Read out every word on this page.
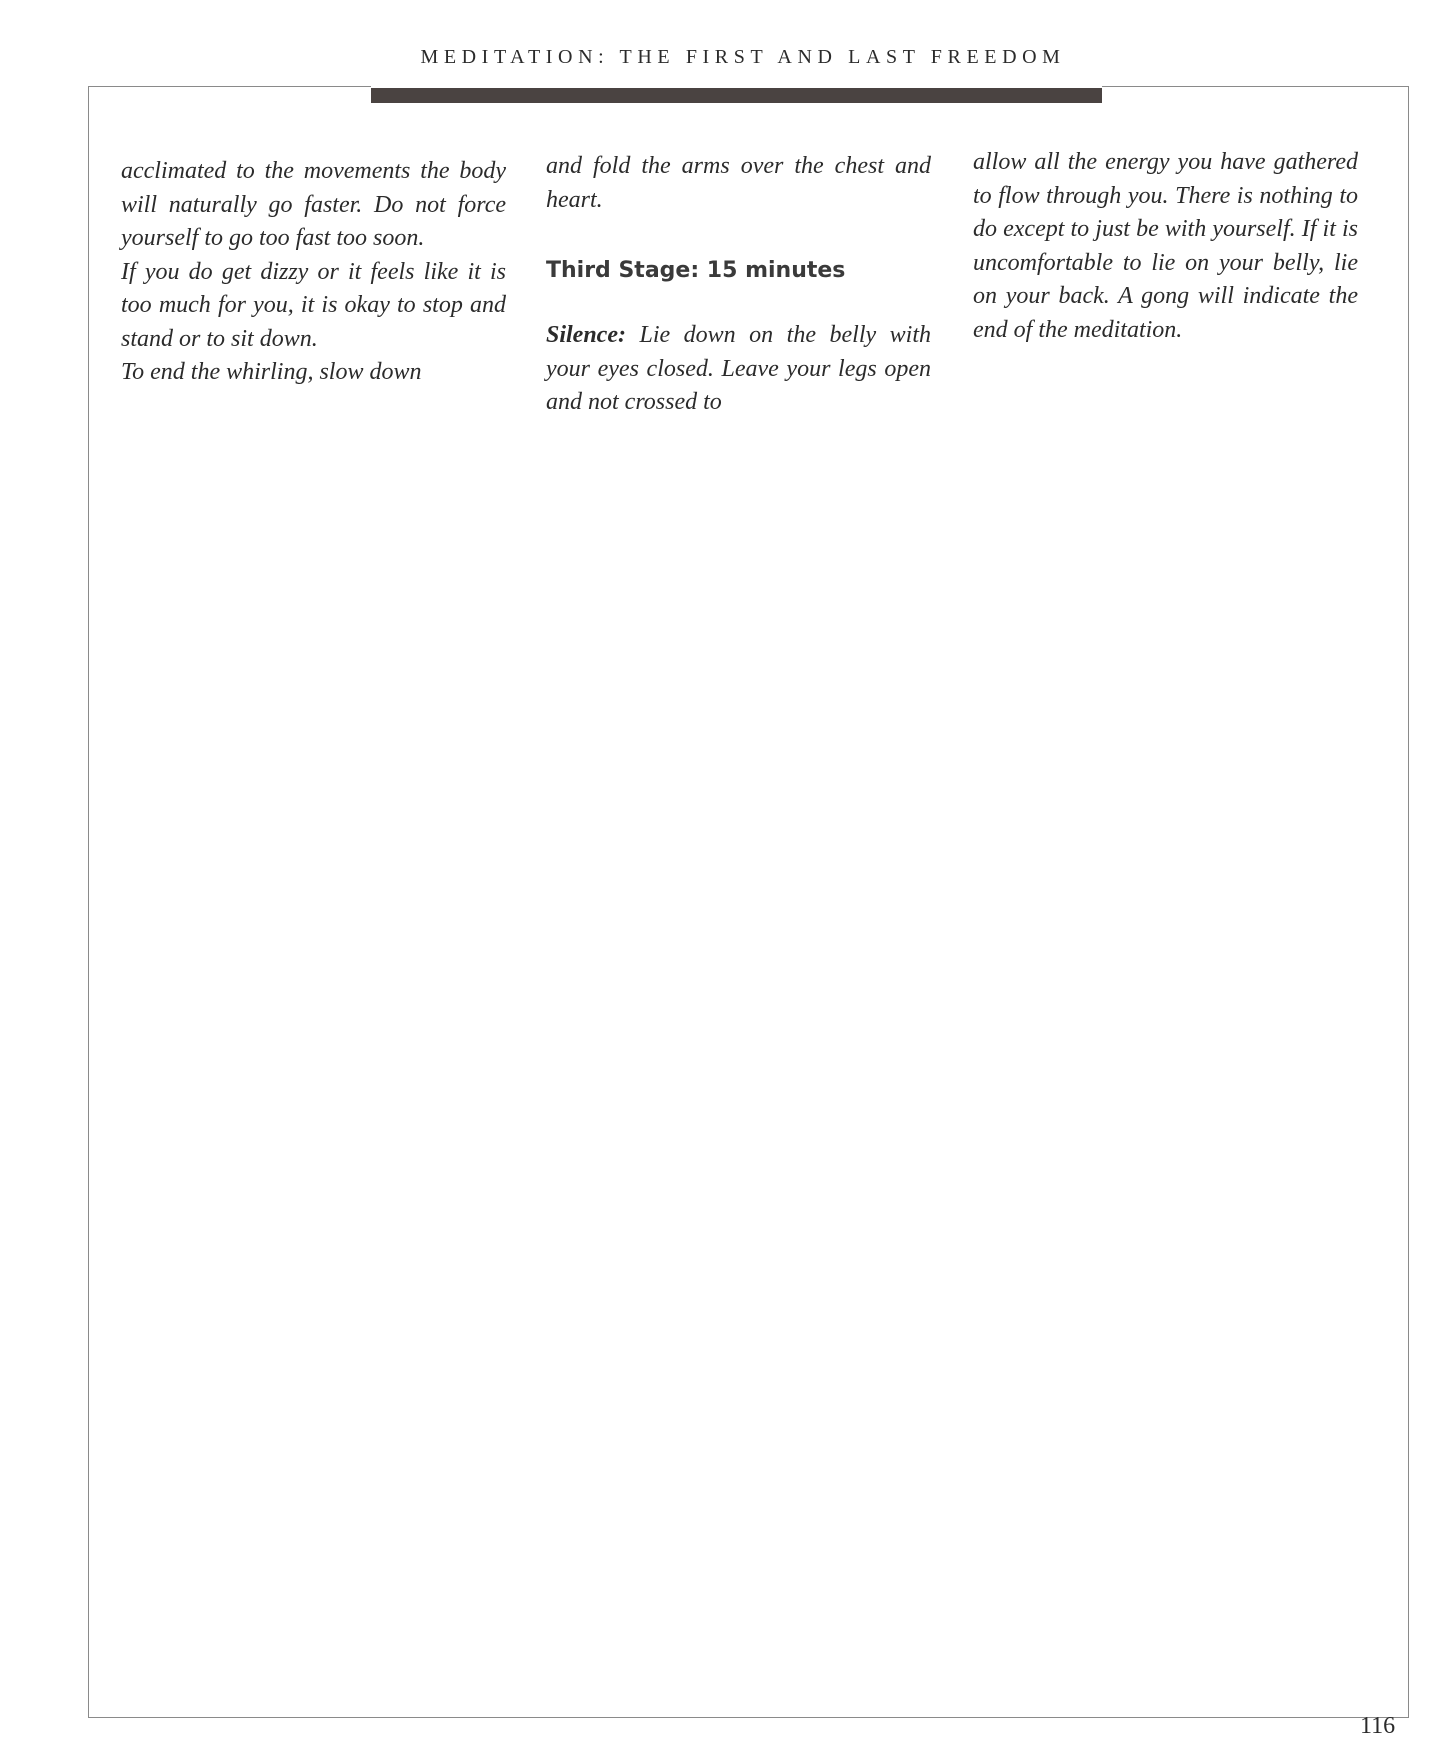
MEDITATION: THE FIRST AND LAST FREEDOM

acclimated to the movements the body will naturally go faster. Do not force yourself to go too fast too soon.

If you do get dizzy or it feels like it is too much for you, it is okay to stop and stand or to sit down.

To end the whirling, slow down

and fold the arms over the chest and heart.

Third Stage: 15 minutes

Silence: Lie down on the belly with your eyes closed. Leave your legs open and not crossed to

allow all the energy you have gathered to flow through you. There is nothing to do except to just be with yourself. If it is uncomfortable to lie on your belly, lie on your back. A gong will indicate the end of the meditation.

116
